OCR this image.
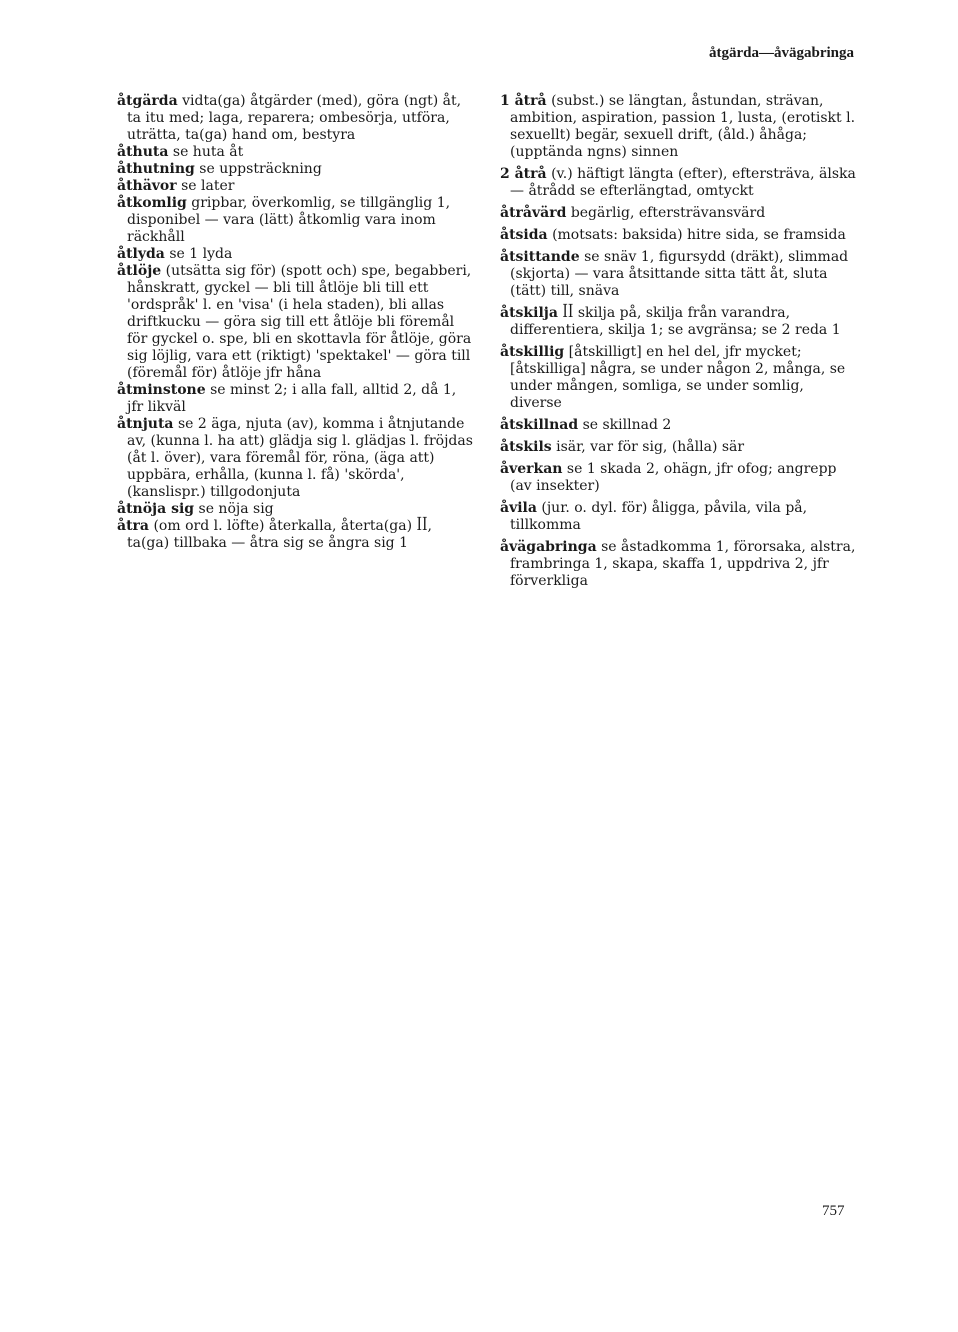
åtgärda—åvägabringa

åtgärda vidta(ga) åtgärder (med), göra (ngt) åt, ta itu med; laga, reparera; ombesörja, utföra, uträtta, ta(ga) hand om, bestyra

åthuta se huta åt

åthutning se uppsträckning

åthävor se later

åtkomlig gripbar, överkomlig, se tillgänglig 1, disponibel — vara (lätt) åtkomlig vara inom räckhåll

åtlyda se 1 lyda

åtlöje (utsätta sig för) (spott och) spe, begabberi, hånskratt, gyckel — bli till åtlöje bli till ett 'ordspråk' l. en 'visa' (i hela staden), bli allas driftkucku — göra sig till ett åtlöje bli föremål för gyckel o. spe, bli en skottavla för åtlöje, göra sig löjlig, vara ett (riktigt) 'spektakel' — göra till (föremål för) åtlöje jfr håna

åtminstone se minst 2; i alla fall, alltid 2, då 1, jfr likväl

åtnjuta se 2 äga, njuta (av), komma i åtnjutande av, (kunna l. ha att) glädja sig l. glädjas l. fröjdas (åt l. över), vara föremål för, röna, (äga att) uppbära, erhålla, (kunna l. få) 'skörda', (kanslispr.) tillgodonjuta

åtnöja sig se nöja sig

åtra (om ord l. löfte) återkalla, återta(ga) ꟾꟾ, ta(ga) tillbaka — åtra sig se ångra sig 1

1 åtrå (subst.) se längtan, åstundan, strävan, ambition, aspiration, passion 1, lusta, (erotiskt l. sexuellt) begär, sexuell drift, (åld.) åhåga; (upptända ngns) sinnen

2 åtrå (v.) häftigt längta (efter), eftersträva, älska — åtrådd se efterlängtad, omtyckt

åtråvärd begärlig, eftersträvansvärd

åtsida (motsats: baksida) hitre sida, se framsida

åtsittande se snäv 1, figursydd (dräkt), slimmad (skjorta) — vara åtsittande sitta tätt åt, sluta (tätt) till, snäva

åtskilja ꟾꟾ skilja på, skilja från varandra, differentiera, skilja 1; se avgränsa; se 2 reda 1

åtskillig [åtskilligt] en hel del, jfr mycket; [åtskilliga] några, se under någon 2, många, se under mången, somliga, se under somlig, diverse

åtskillnad se skillnad 2

åtskils isär, var för sig, (hålla) sär

åverkan se 1 skada 2, ohägn, jfr ofog; angrepp (av insekter)

åvila (jur. o. dyl. för) åligga, påvila, vila på, tillkomma

åvägabringa se åstadkomma 1, förorsaka, alstra, frambringa 1, skapa, skaffa 1, uppdriva 2, jfr förverkliga

757
